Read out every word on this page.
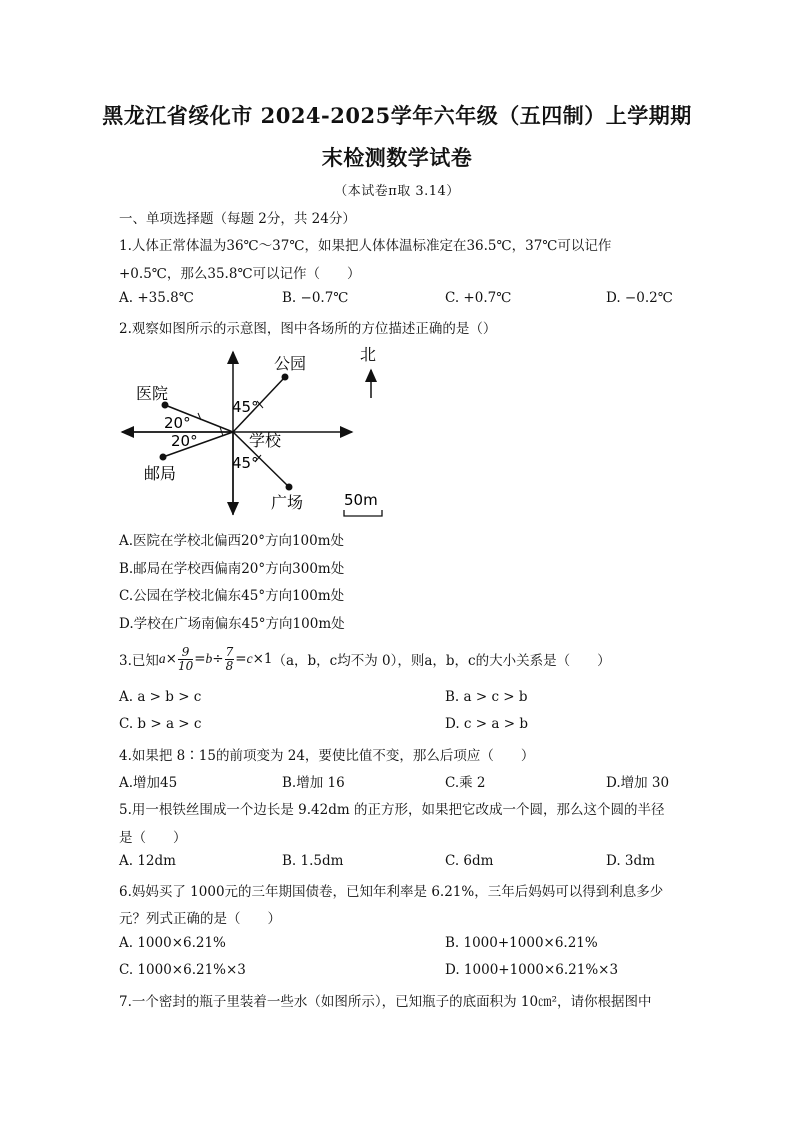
黑龙江省绥化市 2024-2025学年六年级（五四制）上学期期
末检测数学试卷
（本试卷π取 3.14）
一、单项选择题（每题 2分，共 24分）
1.人体正常体温为36℃～37℃，如果把人体体温标准定在36.5℃，37℃可以记作
+0.5℃，那么35.8℃可以记作（　　）
A. +35.8℃	B. −0.7℃	C. +0.7℃	D. −0.2℃
2.观察如图所示的示意图，图中各场所的方位描述正确的是（）
北
公园
医院
学校
邮局
广场
20°
20°
45°
45°
50m
A.医院在学校北偏西20°方向100m处
B.邮局在学校西偏南20°方向300m处
C.公园在学校北偏东45°方向100m处
D.学校在广场南偏东45°方向100m处
3.已知 $a \times \frac{9}{10} = b \div \frac{7}{8} = c \times 1$ （a，b，c均不为 0），则a，b，c的大小关系是（　　）
A. a > b > c	B. a > c > b
C. b > a > c	D. c > a > b
4.如果把 8∶15的前项变为 24，要使比值不变，那么后项应（　　）
A.增加45	B.增加 16	C.乘 2	D.增加 30
5.用一根铁丝围成一个边长是 9.42dm 的正方形，如果把它改成一个圆，那么这个圆的半径
是（　　）
A. 12dm	B. 1.5dm	C. 6dm	D. 3dm
6.妈妈买了 1000元的三年期国债卷，已知年利率是 6.21%，三年后妈妈可以得到利息多少
元？列式正确的是（　　）
A. 1000×6.21%	B. 1000+1000×6.21%
C. 1000×6.21%×3	D. 1000+1000×6.21%×3
7.一个密封的瓶子里装着一些水（如图所示），已知瓶子的底面积为 10㎝²，请你根据图中
